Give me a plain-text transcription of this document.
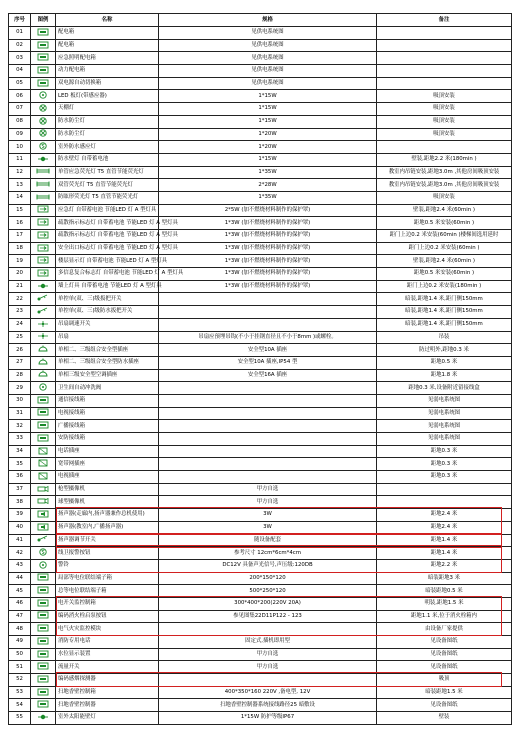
序号	图例	名称	规格	备注
01		配电箱	见供电系统图	
02		配电箱	见供电系统图	
03		应急照明配电箱	见供电系统图	
04		动力配电箱	见供电系统图	
05		双电源自动切换箱	见供电系统图	
06		LED 板灯(带感应器)	1*15W	吸顶安装
07		天棚灯	1*15W	吸顶安装
08		防水防尘灯	1*15W	吸顶安装
09		防水防尘灯	1*20W	吸顶安装
10		室外防水感应灯	1*20W	
11		防水壁灯 自带蓄电池	1*15W	壁装,距地2.2 米(180min )
12		单管应急荧光灯 T5 直管节能荧光灯	1*35W	教室内吊链安装,距地3.0m ,其他房间吸顶安装
13		双管荧光灯 T5 直管节能荧光灯	2*28W	教室内吊链安装,距地3.0m ,其他房间吸顶安装
14		防眩形荧光灯 T5 直管节能荧光灯	1*35W	吸顶安装
15		应急灯 自带蓄电池 节能LED 灯 A 型灯具	2*5W (加不燃烧材料制作的保护罩)	壁装,距地2.4 米(60min )
16		疏散指示标志灯 自带蓄电池 节能LED 灯 A 型灯具	1*3W (加不燃烧材料制作的保护罩)	距地0.5 米安装(60min )
17		疏散指示标志灯 自带蓄电池 节能LED 灯 A 型灯具	1*3W (加不燃烧材料制作的保护罩)	距门上边0.2 米安装(60min )楼梯间选用延时
18		安全出口标志灯 自带蓄电池 节能LED 灯 A 型灯具	1*3W (加不燃烧材料制作的保护罩)	距门上边0.2 米安装(60min )
19		楼层显示灯 自带蓄电池 节能LED 灯 A 型灯具	1*3W (加不燃烧材料制作的保护罩)	壁装,距地2.4 米(60min )
20		多信息复合标志灯 自带蓄电池 节能LED 灯 A 型灯具	1*3W (加不燃烧材料制作的保护罩)	距地0.5 米安装(60min )
21		墙上灯具 自带蓄电池 节能LED 灯 A 型灯具	1*3W (加不燃烧材料制作的保护罩)	距门上边0.2 米安装(180min )
22		单控单(双、三)级扳把开关		暗装,距地1.4 米,距门侧150mm
23		单控单(双、三)级防水扳把开关		暗装,距地1.4 米,距门侧150mm
24		吊扇调速开关		暗装,距地1.4 米,距门侧150mm
25		吊扇	吊扇应预埋吊钩(不小于挂钢直径且不小于8mm )或螺栓。	吊装
26		单相二、三级组合安全型插座	安全型10A 插座	防过明外,距地0.3 米
27		单相二、三级组合安全型防水插座	安全型10A 插座,IP54 型	距地0.5 米
28		单相三级安全型空调插座	安全型16A 插座	距地1.8 米
29		卫生间自动冲洗阀		距地0.3 米,设备附近留接线盒
30		通信接线箱		见弱电系统图
31		电视接线箱		见弱电系统图
32		广播接线箱		见弱电系统图
33		安防接线箱		见弱电系统图
34		电话插座		距地0.3 米
35		宽带网插座		距地0.3 米
36		电视插座		距地0.3 米
37		枪型摄像机	甲方自选	
38		球型摄像机	甲方自选	
39		扬声器(走廊内,扬声器兼作总机使用)	3W	距地2.4 米
40		扬声器(教室内,广播扬声器)	3W	距地2.4 米
41		扬声器调节开关	随设备配套	距地1.4 米
42		线卫报警按钮	参考尺寸 12cm*6cm*4cm	距地1.4 米
43		警铃	DC12V 具备声光信号,声压级:120DB	距地2.2 米
44		局部等电位联结端子箱	200*150*120	暗装距地3 米
45		总等电位联结端子箱	500*250*120	暗装距地0.5 米
46		电开关监控制箱	300*400*200(220V 20A)	明装,距地1.5 米
47		编码消火栓启泵按钮	参见图集22D11P122 - 123	距地1.1 米,位于消火栓箱内
48		电气火灾监控模块		由设备厂家提供
49		消防专用电话	固定式,插机即用型	见设备图纸
50		水位显示装置	甲方自选	见设备图纸
51		流量开关	甲方自选	见设备图纸
52		编码感烟探测器		吸顶
53		扫地香壁控制箱	400*350*160 220V ,备电型, 12V	暗装距地1.5 米
54		扫地香壁控制器	扫地香壁控制器系统接线路径25 暗敷设	见设备图纸
55		室外太阳能壁灯	1*15W 防护等级IP67	壁装
